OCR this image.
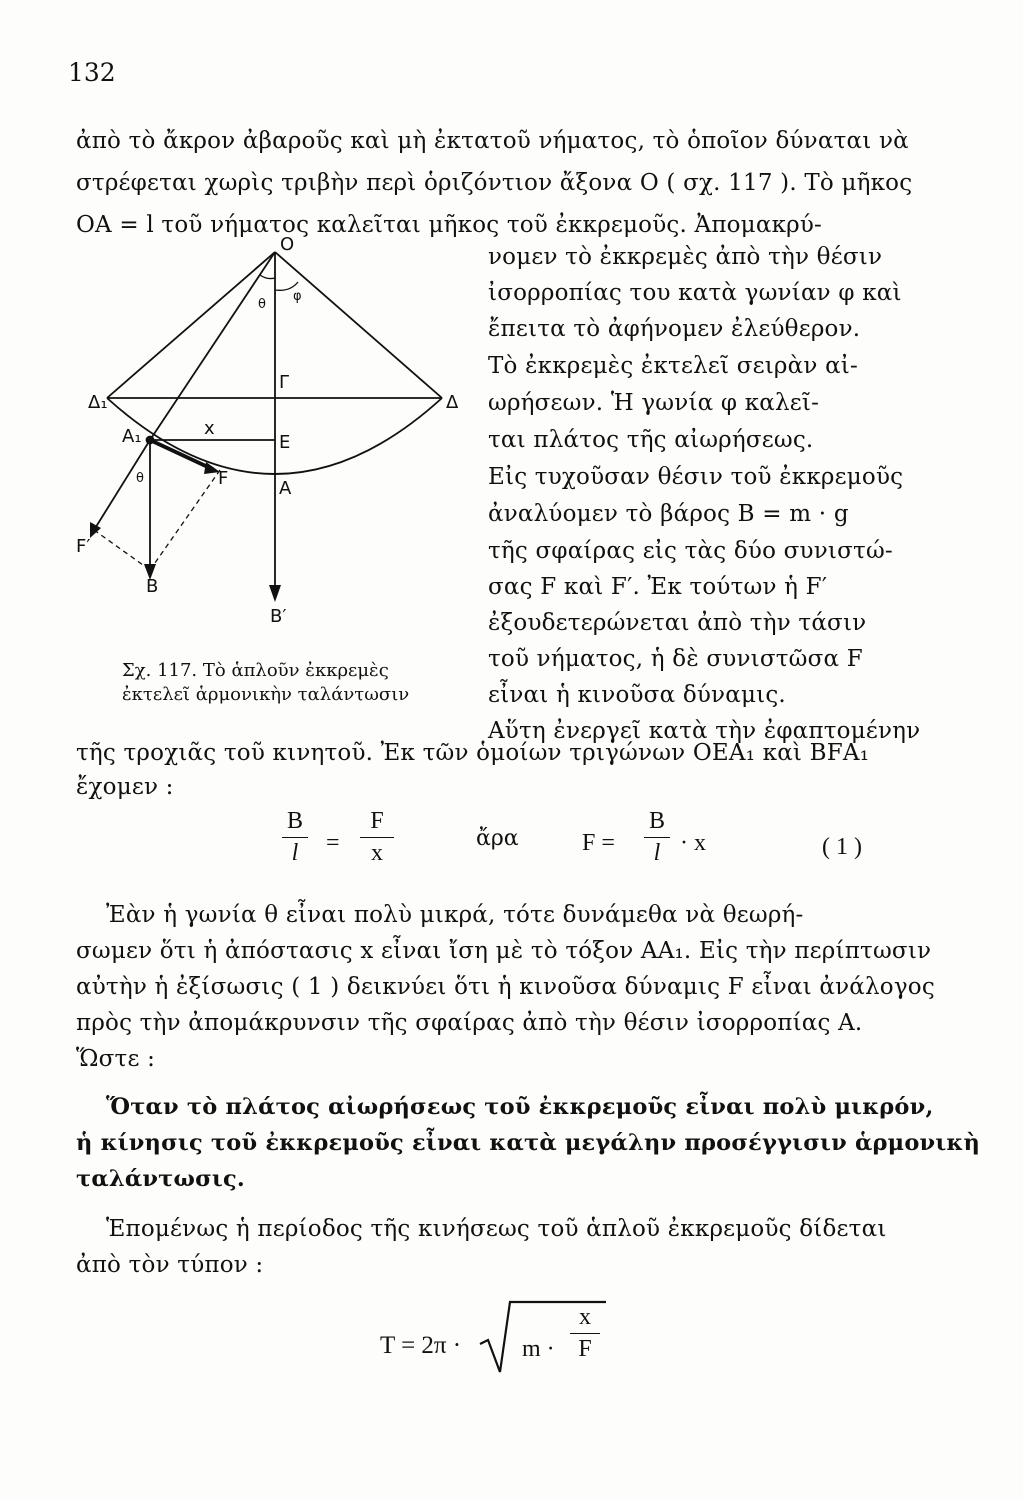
132
ἀπὸ τὸ ἄκρον ἀβαροῦς καὶ μὴ ἐκτατοῦ νήματος, τὸ ὁποῖον δύναται νὰ
στρέφεται χωρὶς τριβὴν περὶ ὁριζόντιον ἄξονα Ο ( σχ. 117 ). Τὸ μῆκος
ΟΑ = l τοῦ νήματος καλεῖται μῆκος τοῦ ἐκκρεμοῦς. Ἀπομακρύ-
νομεν τὸ ἐκκρεμὲς ἀπὸ τὴν θέσιν
ἰσορροπίας του κατὰ γωνίαν φ καὶ
ἔπειτα τὸ ἀφήνομεν ἐλεύθερον.
Τὸ ἐκκρεμὲς ἐκτελεῖ σειρὰν αἰ-
ωρήσεων. Ἡ γωνία φ καλεῖ-
ται πλάτος τῆς αἰωρήσεως.
Εἰς τυχοῦσαν θέσιν τοῦ ἐκκρεμοῦς
ἀναλύομεν τὸ βάρος Β = m · g
τῆς σφαίρας εἰς τὰς δύο συνιστώ-
σας F καὶ F′. Ἐκ τούτων ἡ F′
ἐξουδετερώνεται ἀπὸ τὴν τάσιν
τοῦ νήματος, ἡ δὲ συνιστῶσα F
εἶναι ἡ κινοῦσα δύναμις.
Αὕτη ἐνεργεῖ κατὰ τὴν ἐφαπτομένην
O
θ
φ
Γ
Δ₁	Δ
x
A₁	E
θ	F	A
F′
B
B′
Σχ. 117. Τὸ ἁπλοῦν ἐκκρεμὲς
ἐκτελεῖ ἁρμονικὴν ταλάντωσιν
τῆς τροχιᾶς τοῦ κινητοῦ. Ἐκ τῶν ὁμοίων τριγώνων ΟΕΑ₁ καὶ ΒFΑ₁
ἔχομεν :
B
l	=
F
x
ἄρα	F =
B
l · x	( 1 )
Ἐὰν ἡ γωνία θ εἶναι πολὺ μικρά, τότε δυνάμεθα νὰ θεωρή-
σωμεν ὅτι ἡ ἀπόστασις x εἶναι ἴση μὲ τὸ τόξον ΑΑ₁. Εἰς τὴν περίπτωσιν
αὐτὴν ἡ ἐξίσωσις ( 1 ) δεικνύει ὅτι ἡ κινοῦσα δύναμις F εἶναι ἀνάλογος
πρὸς τὴν ἀπομάκρυνσιν τῆς σφαίρας ἀπὸ τὴν θέσιν ἰσορροπίας Α.
Ὥστε :
Ὅταν τὸ πλάτος αἰωρήσεως τοῦ ἐκκρεμοῦς εἶναι πολὺ μικρόν,
ἡ κίνησις τοῦ ἐκκρεμοῦς εἶναι κατὰ μεγάλην προσέγγισιν ἁρμονικὴ
ταλάντωσις.
Ἑπομένως ἡ περίοδος τῆς κινήσεως τοῦ ἁπλοῦ ἐκκρεμοῦς δίδεται
ἀπὸ τὸν τύπον :
T = 2π ·	m ·
x
F
